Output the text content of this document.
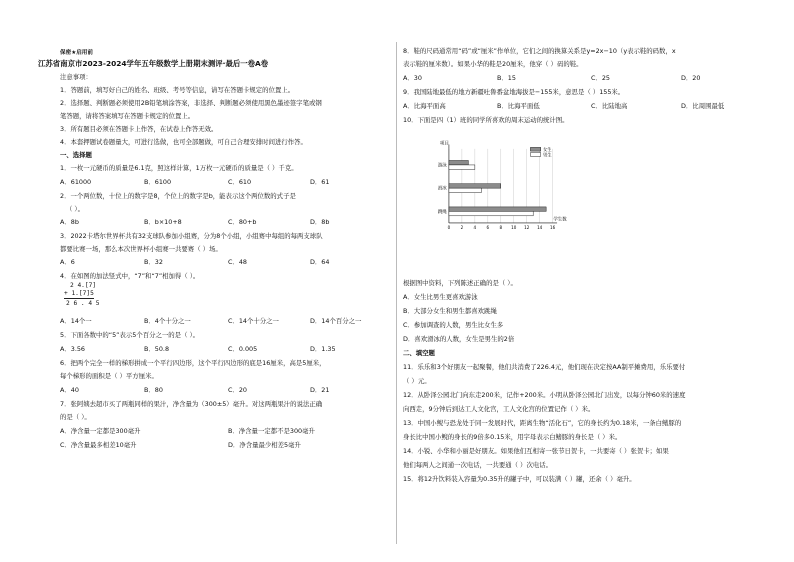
保密★启用前
江苏省南京市2023-2024学年五年级数学上册期末测评·最后一卷A卷
注意事项：
1．答题前，填写好自己的姓名、班级、考号等信息，请写在答题卡规定的位置上。
2．选择题、判断题必须使用2B铅笔填涂答案，非选择、判断题必须使用黑色墨迹签字笔或钢
笔答题，请将答案填写在答题卡规定的位置上。
3．所有题目必须在答题卡上作答，在试卷上作答无效。
4．本套押题试卷题量大，可进行选做，也可全部题做，可自己合理安排时间进行作答。
一、选择题
1．一枚一元硬币的质量是6.1克，照这样计算，1万枚一元硬币的质量是（ ）千克。
A．61000	B．6100	C．610	D．61
2．一个两位数，十位上的数字是8，个位上的数字是b，能表示这个两位数的式子是
（ ）。
A．8b	B．b×10+8	C．80+b	D．8b
3．2022卡塔尔世界杯共有32支球队参加小组赛，分为8个小组，小组赛中每组的每两支球队
都要比赛一场，那么本次世界杯小组赛一共要赛（ ）场。
A．6	B．32	C．48	D．64
4．在如图的加法竖式中，“7”和“7”相加得（ ）。
2 4.[7]
+ 1.[7]5
2 6 . 4 5
A．14个一	B．4个十分之一	C．14个十分之一	D．14个百分之一
5．下面各数中的“5”表示5个百分之一的是（ ）。
A．3.56	B．50.8	C．0.005	D．1.35
6．把两个完全一样的梯形拼成一个平行四边形，这个平行四边形的底是16厘米，高是5厘米，
每个梯形的面积是（ ）平方厘米。
A．40	B．80	C．20	D．21
7．张阿姨去超市买了两瓶同样的果汁，净含量为（300±5）毫升。对这两瓶果汁的说法正确
的是（ ）。
A．净含量一定都是300毫升	B．净含量一定都不是300毫升
C．净含量最多相差10毫升	D．净含量最少相差5毫升
8．鞋的尺码通常用“码”或“厘米”作单位，它们之间的换算关系是y=2x−10（y表示鞋的码数，x
表示鞋的厘米数）。如果小华的鞋是20厘米，他穿（ ）码的鞋。
A．30	B．15	C．25	D．20
9．我国陆地最低的地方新疆吐鲁番盆地海拔是−155米，意思是（ ）155米。
A．比海平面高	B．比海平面低	C．比陆地高	D．比周围最低
10．下面是四（1）班的同学所喜欢的周末运动的统计图。
项目
学生数
0 2 4 6 8 10 12 14 16
跳绳
滑冰
游泳
女生
男生
根据图中资料，下列陈述正确的是（ ）。
A．女生比男生更喜欢游泳
B．大部分女生和男生都喜欢跳绳
C．参加调查的人数，男生比女生多
D．喜欢滑冰的人数，女生是男生的2倍
二、填空题
11．乐乐和3个好朋友一起聚餐，他们共消费了226.4元，他们现在决定按AA制平摊费用，乐乐要付
（ ）元。
12．从卧泽公园北门向东走200米，记作+200米。小明从卧泽公园北门出发，以每分钟60米的速度
向西走，9分钟后到达工人文化宫，工人文化宫的位置记作（ ）米。
13．中国小鲵与恐龙处于同一发展时代，距离生物“活化石”，它的身长约为0.18米，一条白鳍豚的
身长比中国小鲵的身长的9倍多0.15米，用字母表示白鳍豚的身长是（ ）米。
14．小锐、小华和小丽是好朋友。如果他们互相寄一张节日贺卡，一共要寄（ ）张贺卡；如果
他们每两人之间通一次电话，一共要通（ ）次电话。
15．将12升饮料装入容量为0.35升的罐子中，可以装满（ ）罐，还余（ ）毫升。
